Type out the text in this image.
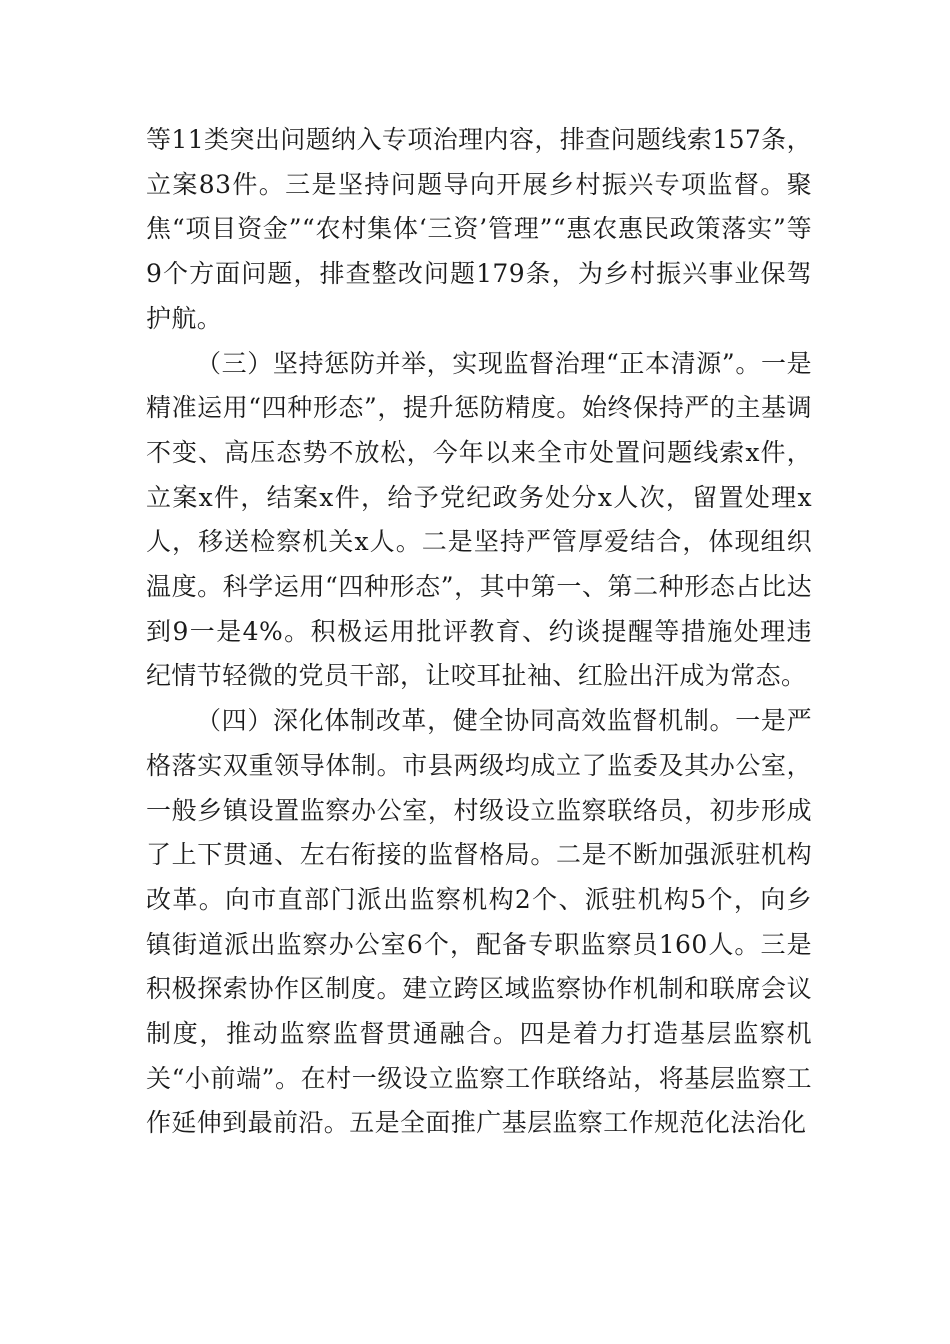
等11类突出问题纳入专项治理内容，排查问题线索157条，立案83件。三是坚持问题导向开展乡村振兴专项监督。聚焦“项目资金”“农村集体‘三资’管理”“惠农惠民政策落实”等9个方面问题，排查整改问题179条，为乡村振兴事业保驾护航。

（三）坚持惩防并举，实现监督治理“正本清源”。一是精准运用“四种形态”，提升惩防精度。始终保持严的主基调不变、高压态势不放松，今年以来全市处置问题线索x件，立案x件，结案x件，给予党纪政务处分x人次，留置处理x人，移送检察机关x人。二是坚持严管厚爱结合，体现组织温度。科学运用“四种形态”，其中第一、第二种形态占比达到9一是4%。积极运用批评教育、约谈提醒等措施处理违纪情节轻微的党员干部，让咬耳扯袖、红脸出汗成为常态。

（四）深化体制改革，健全协同高效监督机制。一是严格落实双重领导体制。市县两级均成立了监委及其办公室，一般乡镇设置监察办公室，村级设立监察联络员，初步形成了上下贯通、左右衔接的监督格局。二是不断加强派驻机构改革。向市直部门派出监察机构2个、派驻机构5个，向乡镇街道派出监察办公室6个，配备专职监察员160人。三是积极探索协作区制度。建立跨区域监察协作机制和联席会议制度，推动监察监督贯通融合。四是着力打造基层监察机关“小前端”。在村一级设立监察工作联络站，将基层监察工作延伸到最前沿。五是全面推广基层监察工作规范化法治化
